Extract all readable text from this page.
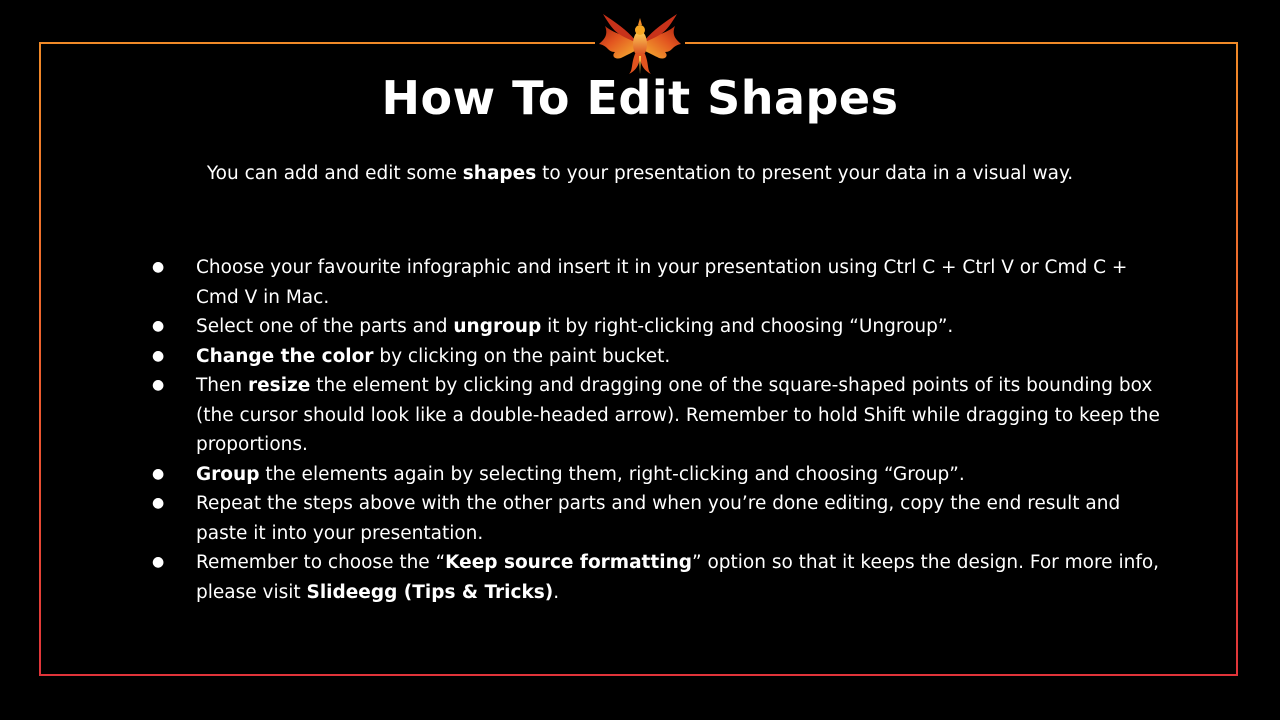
How To Edit Shapes

You can add and edit some shapes to your presentation to present your data in a visual way.

● Choose your favourite infographic and insert it in your presentation using Ctrl C + Ctrl V or Cmd C + Cmd V in Mac.
● Select one of the parts and ungroup it by right-clicking and choosing “Ungroup”.
● Change the color by clicking on the paint bucket.
● Then resize the element by clicking and dragging one of the square-shaped points of its bounding box (the cursor should look like a double-headed arrow). Remember to hold Shift while dragging to keep the proportions.
● Group the elements again by selecting them, right-clicking and choosing “Group”.
● Repeat the steps above with the other parts and when you’re done editing, copy the end result and paste it into your presentation.
● Remember to choose the “Keep source formatting” option so that it keeps the design. For more info, please visit Slideegg (Tips & Tricks).
